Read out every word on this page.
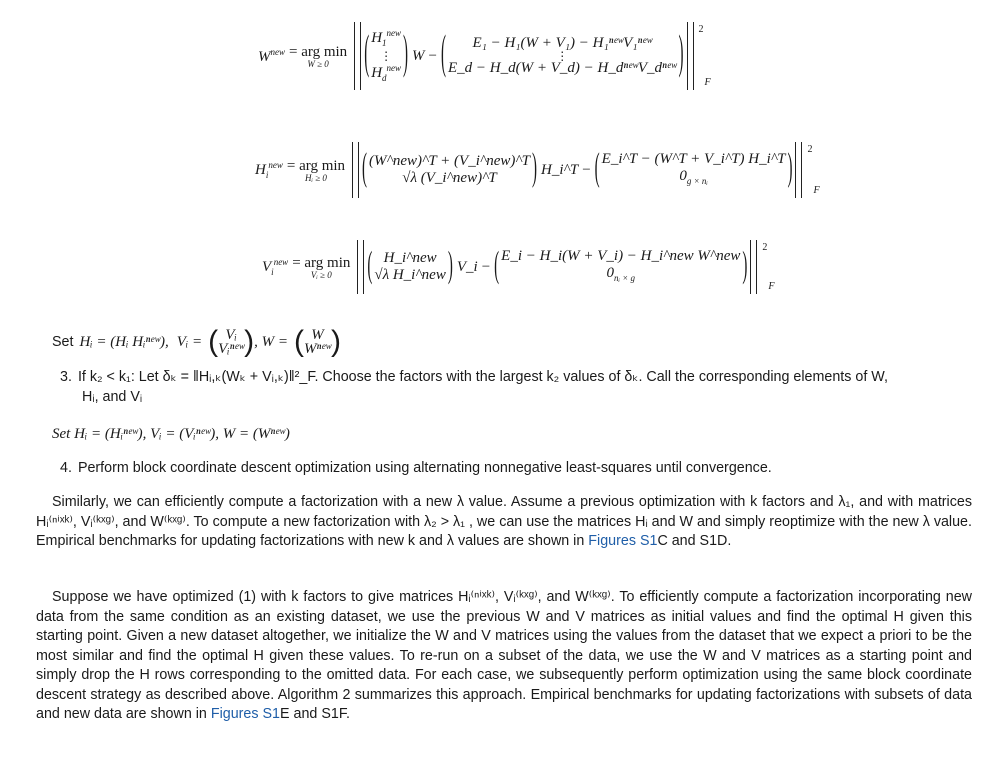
$W^{new}$ = arg min
W ≥ 0 ( $H_1^{new}$
⋮
$H_d^{new}$ ) W − ( E₁ − H₁(W + V₁) − H₁ⁿᵉʷV₁ⁿᵉʷ
⋮
E_d − H_d(W + V_d) − H_dⁿᵉʷV_dⁿᵉʷ ) 2
F
$H_i^{new}$ = arg min
Hᵢ ≥ 0 ( (W^new)^T + (V_i^new)^T
√λ (V_i^new)^T ) H_i^T − ( E_i^T − (W^T + V_i^T) H_i^T
$0_{g \times nᵢ}$	) 2
F
$V_i^{new}$ = arg min
Vᵢ ≥ 0 ( H_i^new
√λ H_i^new ) V_i − ( E_i − H_i(W + V_i) − H_i^new W^new
$0_{nᵢ \times g}$	) 2
F
Set Hᵢ = (Hᵢ Hᵢⁿᵉʷ), Vᵢ = ( Vᵢ
Vᵢⁿᵉʷ ) , W = ( W
Wⁿᵉʷ )
3. If k₂ < k₁: Let δₖ = ‖Hᵢ,ₖ(Wₖ + Vᵢ,ₖ)‖²_F. Choose the factors with the largest k₂ values of δₖ. Call the corresponding elements of W,
Hᵢ, and Vᵢ
Set Hᵢ = (Hᵢⁿᵉʷ), Vᵢ = (Vᵢⁿᵉʷ), W = (Wⁿᵉʷ)
4. Perform block coordinate descent optimization using alternating nonnegative least-squares until convergence.
Similarly, we can efficiently compute a factorization with a new λ value. Assume a previous optimization with k factors and λ₁, and with matrices Hᵢ⁽ⁿⁱˣᵏ⁾, Vᵢ⁽ᵏˣᵍ⁾, and W⁽ᵏˣᵍ⁾. To compute a new factorization with λ₂ > λ₁ , we can use the matrices Hᵢ and W and simply reoptimize with the new λ value. Empirical benchmarks for updating factorizations with new k and λ values are shown in Figures S1C and S1D.
Suppose we have optimized (1) with k factors to give matrices Hᵢ⁽ⁿⁱˣᵏ⁾, Vᵢ⁽ᵏˣᵍ⁾, and W⁽ᵏˣᵍ⁾. To efficiently compute a factorization incorporating new data from the same condition as an existing dataset, we use the previous W and V matrices as initial values and find the optimal H given this starting point. Given a new dataset altogether, we initialize the W and V matrices using the values from the dataset that we expect a priori to be the most similar and find the optimal H given these values. To re-run on a subset of the data, we use the W and V matrices as a starting point and simply drop the H rows corresponding to the omitted data. For each case, we subsequently perform optimization using the same block coordinate descent strategy as described above. Algorithm 2 summarizes this approach. Empirical benchmarks for updating factorizations with subsets of data and new data are shown in Figures S1E and S1F.
